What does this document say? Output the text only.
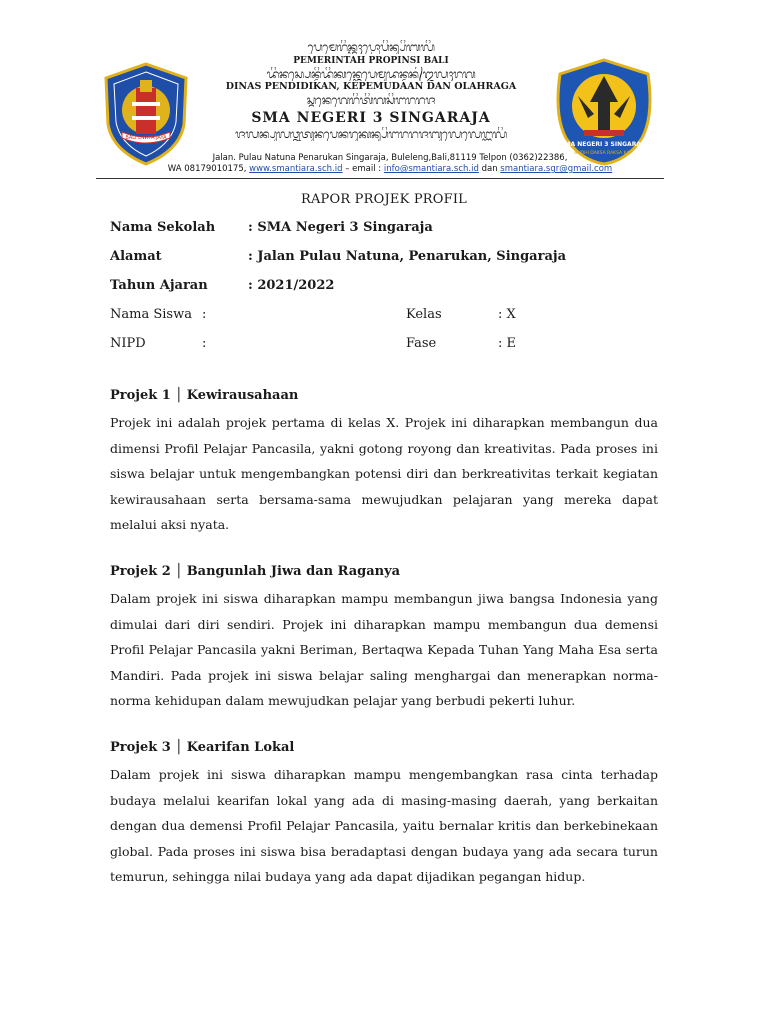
BALI DWIPA JAYA
ᬧᬾᬫᬾᬭᬶᬦ᭄ᬢᬄᬧ᭄ᬭᭀᬧᬶᬦ᭄ᬲᬶᬩᬮᬶ
PEMERINTAH PROPINSI BALI
ᬤᬶᬦᬲ᭄ᬧᬾᬦ᭄ᬤᬶᬤᬶᬓᬦ᭄ᬓᬾᬧᬾᬫᬸᬤᬦ᭄ᬤᬦ᭄ᬑᬮᬄᬭᬕ
DINAS PENDIDIKAN, KEPEMUDAAN DAN OLAHRAGA
ᬲ᭄ᬫᬦᬾᬕᬾᬭᬶᬢᬶᬕᬲᬶᬗᬭᬭᬚ
SMA NEGERI 3 SINGARAJA
ᬚᬮᬦ᭄ᬧᬸᬮᬯ᭄ᬦᬢᬸᬦᬧᬾᬦᬭᬸᬓᬦ᭄ᬲᬶᬗᬭᬭᬚᬩᬸᬮᬾᬮᬾᬗ᭄ᬩᬮᬶ
SMA NEGERI 3 SINGARAJA
BUDHI DAKSA RAKSA KA...
Jalan. Pulau Natuna Penarukan Singaraja, Buleleng,Bali,81119 Telpon (0362)22386,
WA 08179010175, www.smantiara.sch.id – email : info@smantiara.sch.id dan smantiara.sgr@gmail.com
RAPOR PROJEK PROFIL
Nama Sekolah	: SMA Negeri 3 Singaraja
Alamat	: Jalan Pulau Natuna, Penarukan, Singaraja
Tahun Ajaran	: 2021/2022
Nama Siswa :	Kelas	: X
NIPD	:	Fase	: E
Projek 1 │ Kewirausahaan

Projek ini adalah projek pertama di kelas X. Projek ini diharapkan membangun dua dimensi Profil Pelajar Pancasila, yakni gotong royong dan kreativitas. Pada proses ini siswa belajar untuk mengembangkan potensi diri dan berkreativitas terkait kegiatan kewirausahaan serta bersama-sama mewujudkan pelajaran yang mereka dapat melalui aksi nyata.

Projek 2 │ Bangunlah Jiwa dan Raganya

Dalam projek ini siswa diharapkan mampu membangun jiwa bangsa Indonesia yang dimulai dari diri sendiri. Projek ini diharapkan mampu membangun dua demensi Profil Pelajar Pancasila yakni Beriman, Bertaqwa Kepada Tuhan Yang Maha Esa serta Mandiri. Pada projek ini siswa belajar saling menghargai dan menerapkan norma-norma kehidupan dalam mewujudkan pelajar yang berbudi pekerti luhur.

Projek 3 │ Kearifan Lokal

Dalam projek ini siswa diharapkan mampu mengembangkan rasa cinta terhadap budaya melalui kearifan lokal yang ada di masing-masing daerah, yang berkaitan dengan dua demensi Profil Pelajar Pancasila, yaitu bernalar kritis dan berkebinekaan global. Pada proses ini siswa bisa beradaptasi dengan budaya yang ada secara turun temurun, sehingga nilai budaya yang ada dapat dijadikan pegangan hidup.
